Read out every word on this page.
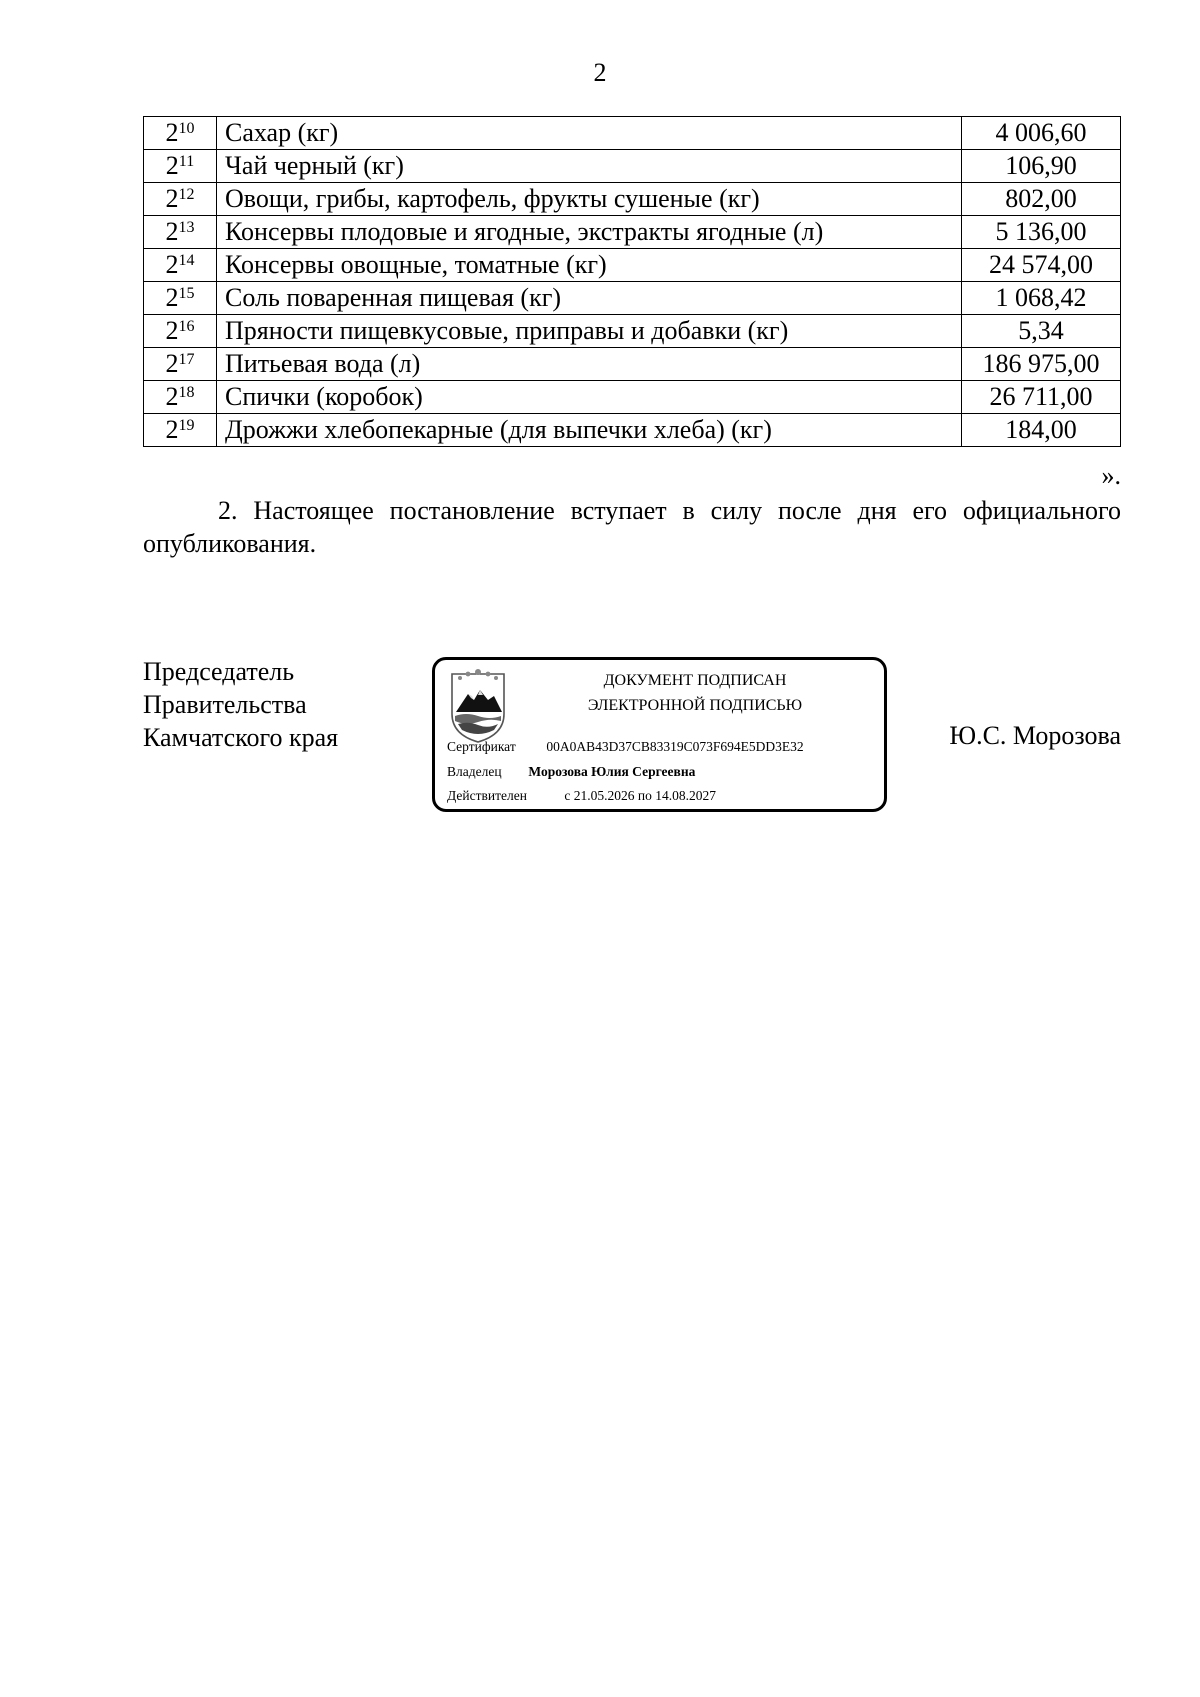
2
$2^{10}$	Сахар (кг)	4 006,60
$2^{11}$	Чай черный (кг)	106,90
$2^{12}$	Овощи, грибы, картофель, фрукты сушеные (кг)	802,00
$2^{13}$	Консервы плодовые и ягодные, экстракты ягодные (л)	5 136,00
$2^{14}$	Консервы овощные, томатные (кг)	24 574,00
$2^{15}$	Соль поваренная пищевая (кг)	1 068,42
$2^{16}$	Пряности пищевкусовые, приправы и добавки (кг)	5,34
$2^{17}$	Питьевая вода (л)	186 975,00
$2^{18}$	Спички (коробок)	26 711,00
$2^{19}$	Дрожжи хлебопекарные (для выпечки хлеба) (кг)	184,00
».
2. Настоящее постановление вступает в силу после дня его официального опубликования.
Председатель
Правительства
Камчатского края
ДОКУМЕНТ ПОДПИСАН
ЭЛЕКТРОННОЙ ПОДПИСЬЮ
Сертификат 00A0AB43D37CB83319C073F694E5DD3E32
Владелец Морозова Юлия Сергеевна
Действителен	с 21.05.2026 по 14.08.2027
Ю.С. Морозова
